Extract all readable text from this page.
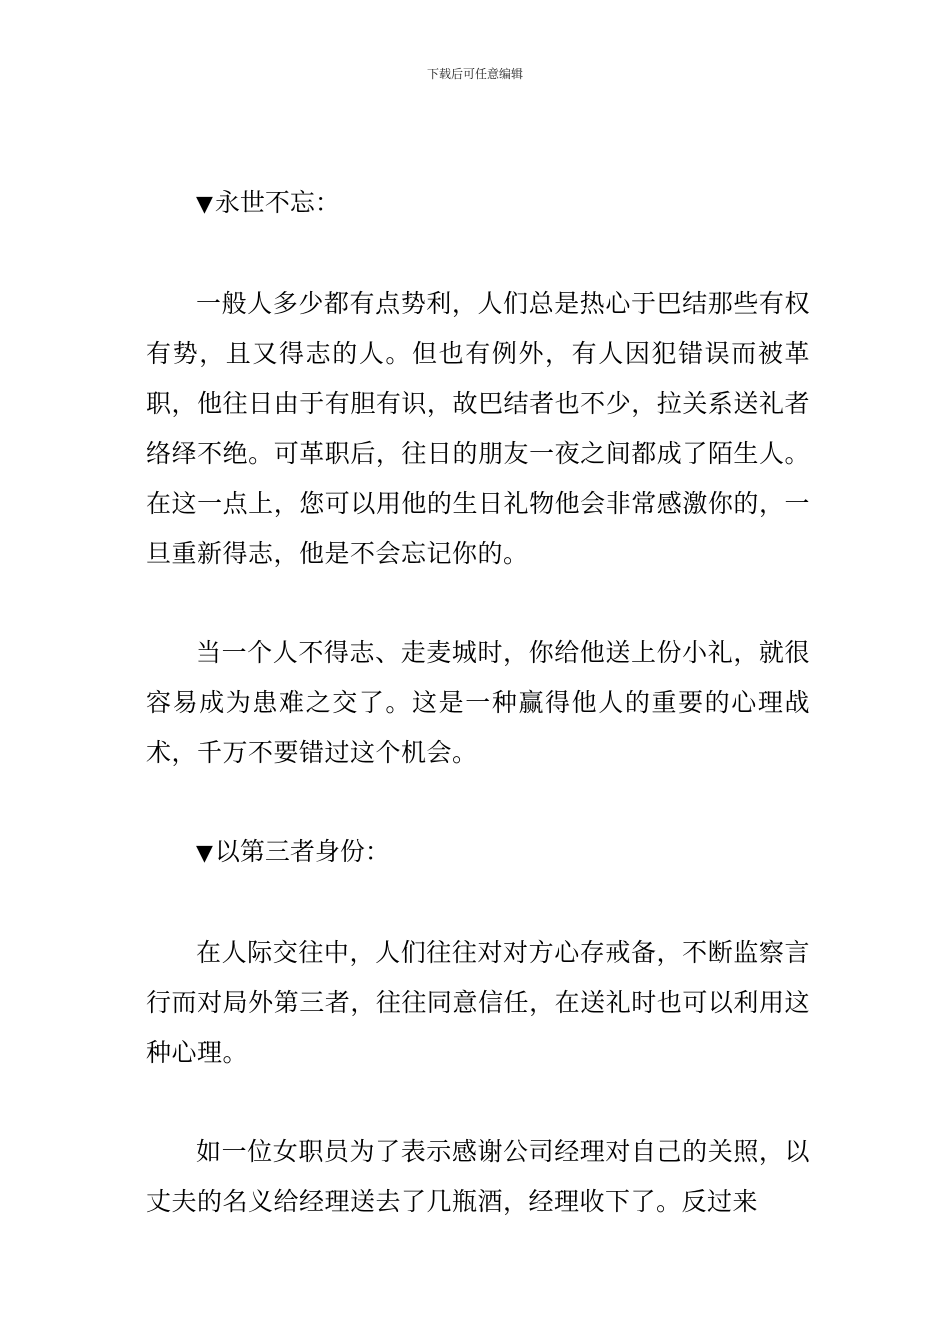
下载后可任意编辑
▼永世不忘：

一般人多少都有点势利，人们总是热心于巴结那些有权有势，且又得志的人。但也有例外，有人因犯错误而被革职，他往日由于有胆有识，故巴结者也不少，拉关系送礼者络绎不绝。可革职后，往日的朋友一夜之间都成了陌生人。在这一点上，您可以用他的生日礼物他会非常感激你的，一旦重新得志，他是不会忘记你的。

当一个人不得志、走麦城时，你给他送上份小礼，就很容易成为患难之交了。这是一种赢得他人的重要的心理战术，千万不要错过这个机会。

▼以第三者身份：

在人际交往中，人们往往对对方心存戒备，不断监察言行而对局外第三者，往往同意信任，在送礼时也可以利用这种心理。

如一位女职员为了表示感谢公司经理对自己的关照，以丈夫的名义给经理送去了几瓶酒，经理收下了。反过来
